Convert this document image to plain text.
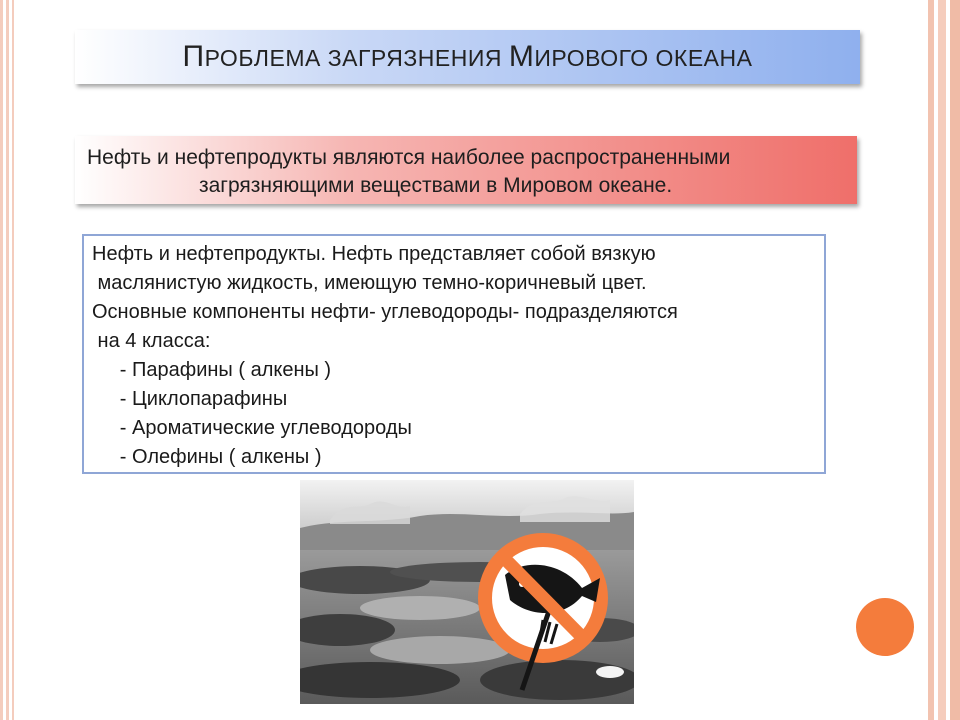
ПРОБЛЕМА ЗАГРЯЗНЕНИЯ МИРОВОГО ОКЕАНА
Нефть и нефтепродукты являются наиболее распространенными
загрязняющими веществами в Мировом океане.
Нефть и нефтепродукты. Нефть представляет собой вязкую
маслянистую жидкость, имеющую темно-коричневый цвет.
Основные компоненты нефти- углеводороды- подразделяются
на 4 класса:
- Парафины ( алкены )
- Циклопарафины
- Ароматические углеводороды
- Олефины ( алкены )
